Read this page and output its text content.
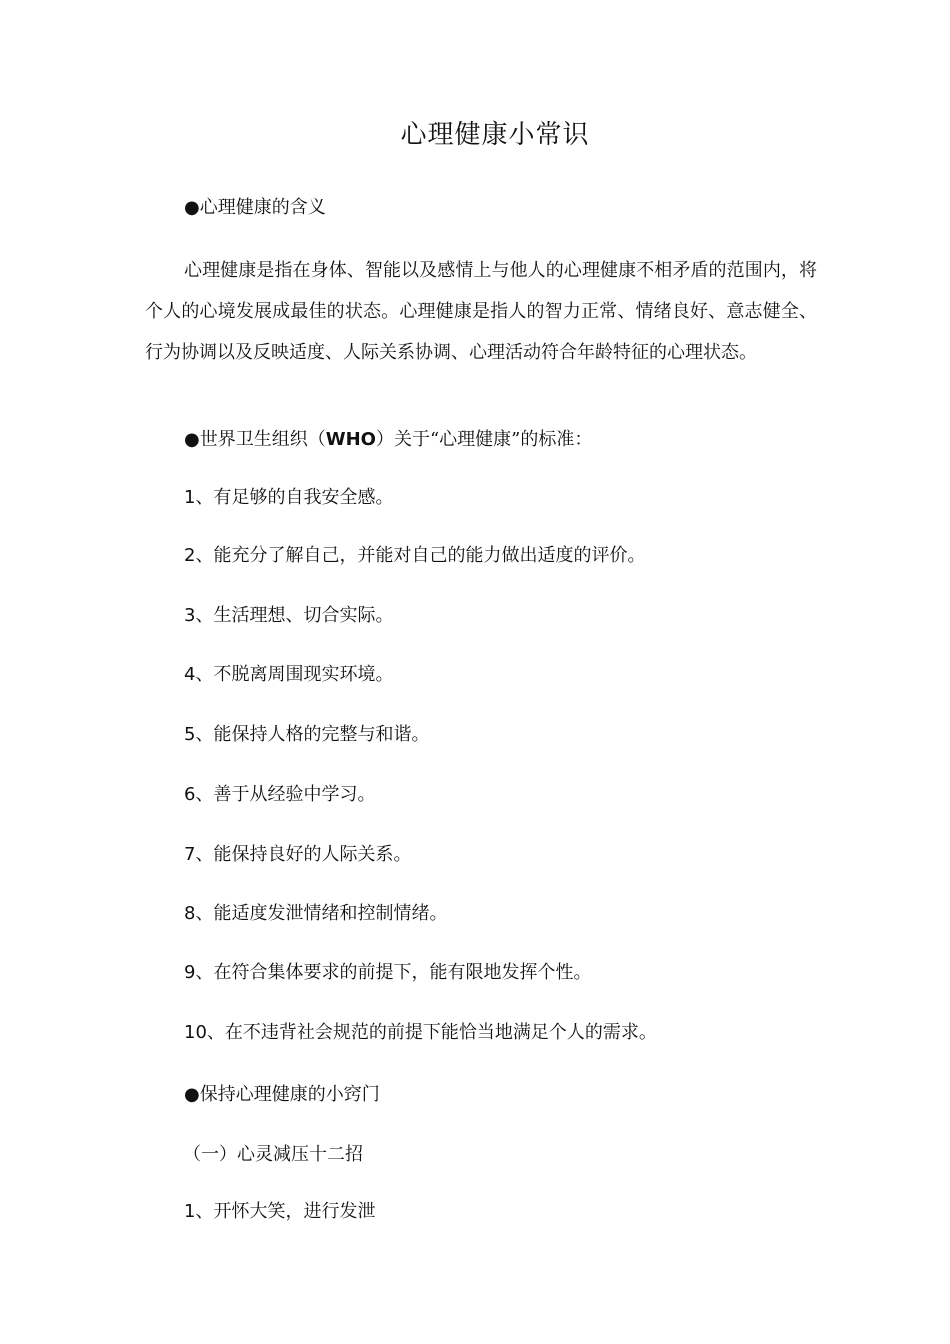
心理健康小常识
●心理健康的含义
心理健康是指在身体、智能以及感情上与他人的心理健康不相矛盾的范围内，将个人的心境发展成最佳的状态。心理健康是指人的智力正常、情绪良好、意志健全、行为协调以及反映适度、人际关系协调、心理活动符合年龄特征的心理状态。
●世界卫生组织（WHO）关于“心理健康”的标准：
1、有足够的自我安全感。
2、能充分了解自己，并能对自己的能力做出适度的评价。
3、生活理想、切合实际。
4、不脱离周围现实环境。
5、能保持人格的完整与和谐。
6、善于从经验中学习。
7、能保持良好的人际关系。
8、能适度发泄情绪和控制情绪。
9、在符合集体要求的前提下，能有限地发挥个性。
10、在不违背社会规范的前提下能恰当地满足个人的需求。
●保持心理健康的小窍门
（一）心灵减压十二招
1、开怀大笑，进行发泄
